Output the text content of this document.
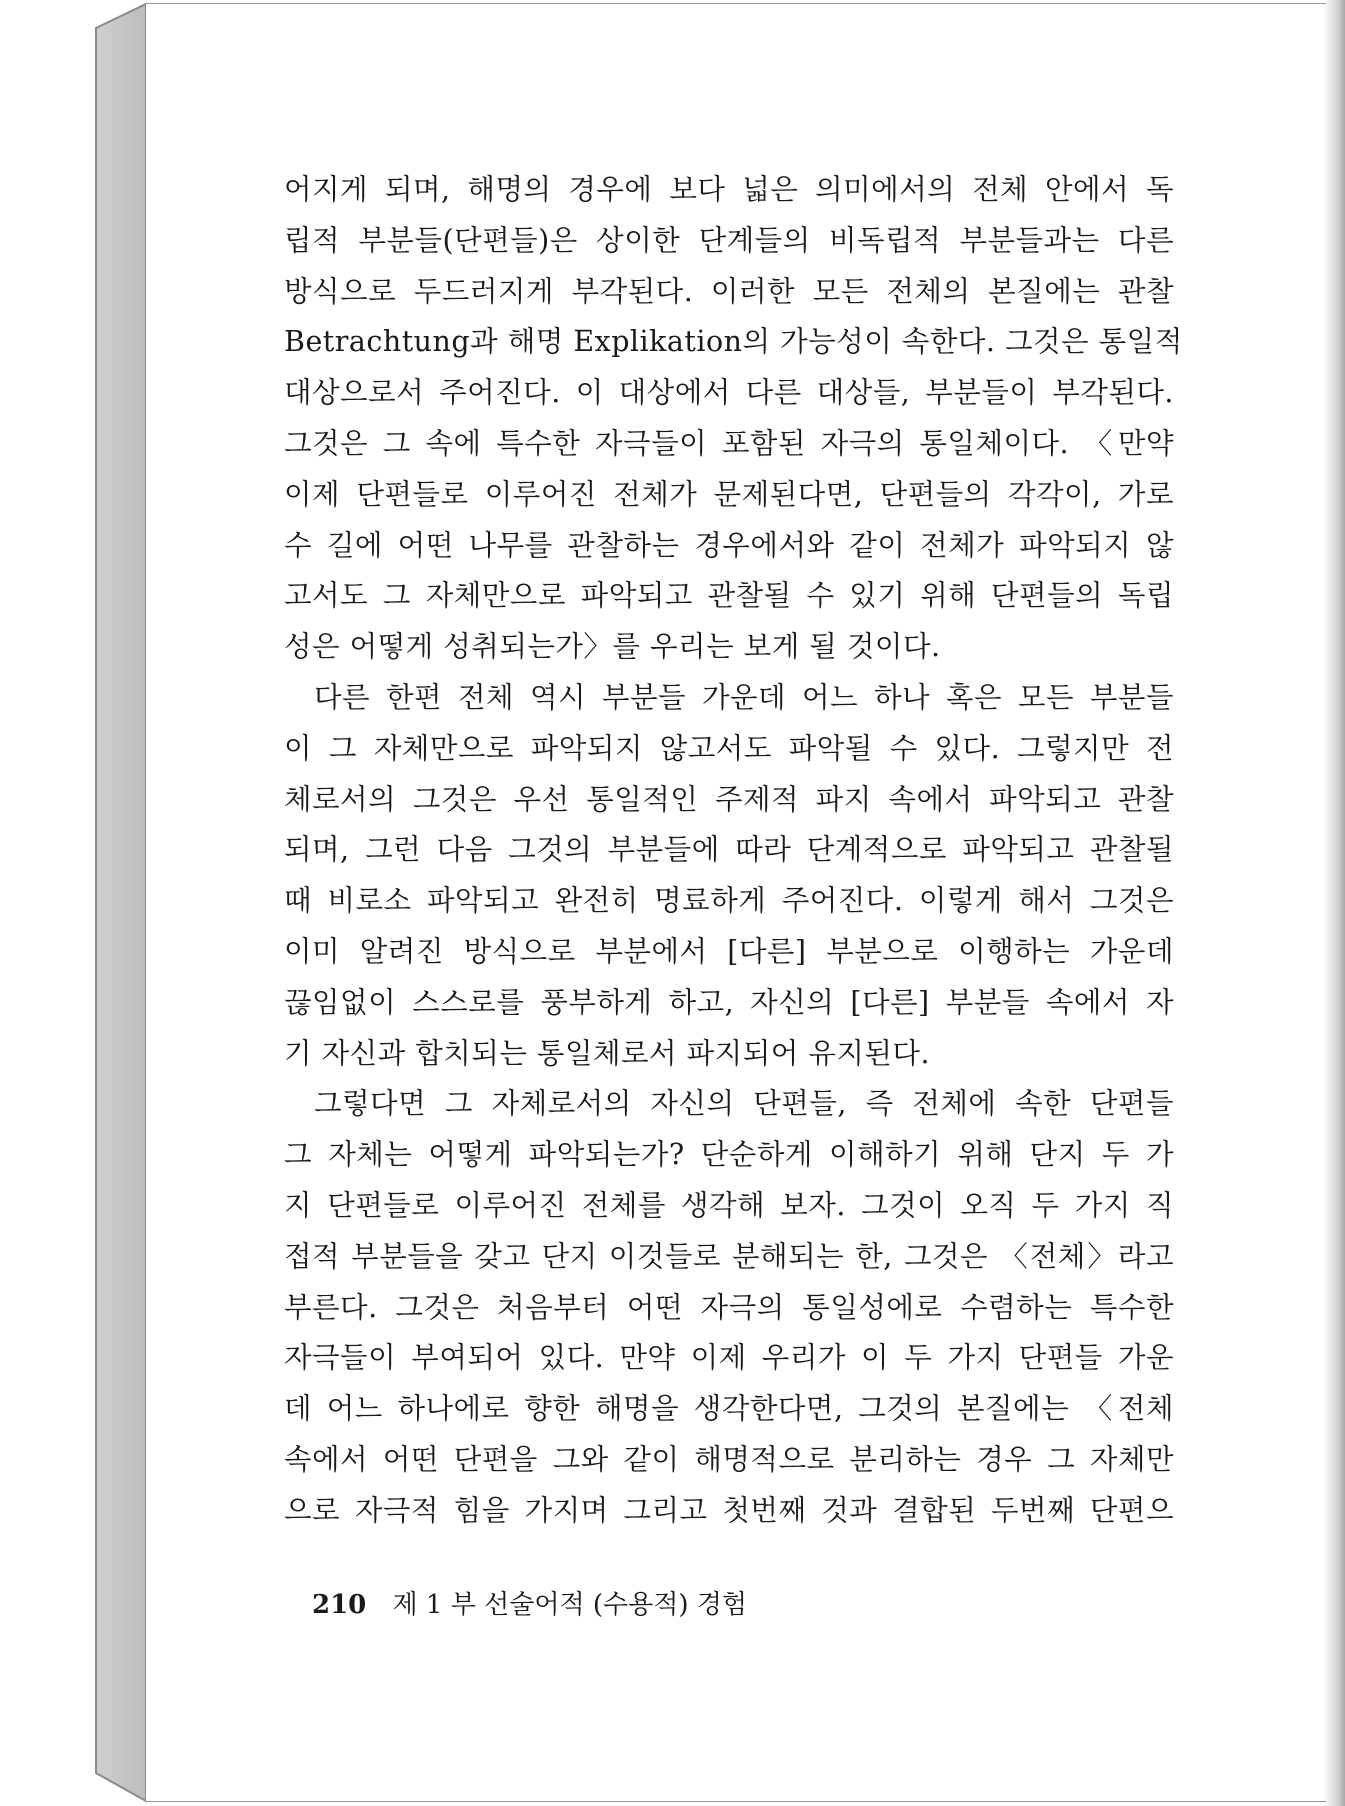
어지게 되며, 해명의 경우에 보다 넓은 의미에서의 전체 안에서 독
립적 부분들(단편들)은 상이한 단계들의 비독립적 부분들과는 다른
방식으로 두드러지게 부각된다. 이러한 모든 전체의 본질에는 관찰
Betrachtung과 해명 Explikation의 가능성이 속한다. 그것은 통일적
대상으로서 주어진다. 이 대상에서 다른 대상들, 부분들이 부각된다.
그것은 그 속에 특수한 자극들이 포함된 자극의 통일체이다. 〈만약
이제 단편들로 이루어진 전체가 문제된다면, 단편들의 각각이, 가로
수 길에 어떤 나무를 관찰하는 경우에서와 같이 전체가 파악되지 않
고서도 그 자체만으로 파악되고 관찰될 수 있기 위해 단편들의 독립
성은 어떻게 성취되는가〉를 우리는 보게 될 것이다.
다른 한편 전체 역시 부분들 가운데 어느 하나 혹은 모든 부분들
이 그 자체만으로 파악되지 않고서도 파악될 수 있다. 그렇지만 전
체로서의 그것은 우선 통일적인 주제적 파지 속에서 파악되고 관찰
되며, 그런 다음 그것의 부분들에 따라 단계적으로 파악되고 관찰될
때 비로소 파악되고 완전히 명료하게 주어진다. 이렇게 해서 그것은
이미 알려진 방식으로 부분에서 [다른] 부분으로 이행하는 가운데
끊임없이 스스로를 풍부하게 하고, 자신의 [다른] 부분들 속에서 자
기 자신과 합치되는 통일체로서 파지되어 유지된다.
그렇다면 그 자체로서의 자신의 단편들, 즉 전체에 속한 단편들
그 자체는 어떻게 파악되는가? 단순하게 이해하기 위해 단지 두 가
지 단편들로 이루어진 전체를 생각해 보자. 그것이 오직 두 가지 직
접적 부분들을 갖고 단지 이것들로 분해되는 한, 그것은 〈전체〉라고
부른다. 그것은 처음부터 어떤 자극의 통일성에로 수렴하는 특수한
자극들이 부여되어 있다. 만약 이제 우리가 이 두 가지 단편들 가운
데 어느 하나에로 향한 해명을 생각한다면, 그것의 본질에는 〈전체
속에서 어떤 단편을 그와 같이 해명적으로 분리하는 경우 그 자체만
으로 자극적 힘을 가지며 그리고 첫번째 것과 결합된 두번째 단편으
210 제 1 부 선술어적 (수용적) 경험
